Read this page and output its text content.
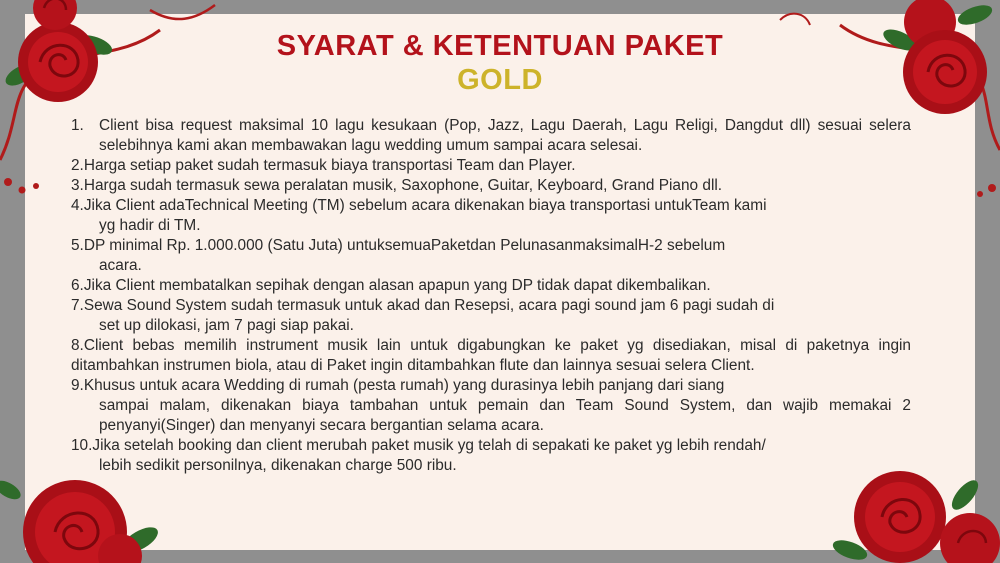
SYARAT & KETENTUAN PAKET
GOLD
1. Client bisa request maksimal 10 lagu kesukaan (Pop, Jazz, Lagu Daerah, Lagu Religi, Dangdut dll) sesuai selera selebihnya kami akan membawakan lagu wedding umum sampai acara selesai.
2.Harga setiap paket sudah termasuk biaya transportasi Team dan Player.
3.Harga sudah termasuk sewa peralatan musik, Saxophone, Guitar, Keyboard, Grand Piano dll.
4.Jika Client adaTechnical Meeting (TM) sebelum acara dikenakan biaya transportasi untukTeam kami
yg hadir di TM.
5.DP minimal Rp. 1.000.000 (Satu Juta) untuksemuaPaketdan PelunasanmaksimalH-2 sebelum
acara.
6.Jika Client membatalkan sepihak dengan alasan apapun yang DP tidak dapat dikembalikan.
7.Sewa Sound System sudah termasuk untuk akad dan Resepsi, acara pagi sound jam 6 pagi sudah di
set up dilokasi, jam 7 pagi siap pakai.
8.Client bebas memilih instrument musik lain untuk digabungkan ke paket yg disediakan, misal di paketnya ingin ditambahkan instrumen biola, atau di Paket ingin ditambahkan flute dan lainnya sesuai selera Client.
9.Khusus untuk acara Wedding di rumah (pesta rumah) yang durasinya lebih panjang dari siang
sampai malam, dikenakan biaya tambahan untuk pemain dan Team Sound System, dan wajib memakai 2 penyanyi(Singer) dan menyanyi secara bergantian selama acara.
10.Jika setelah booking dan client merubah paket musik yg telah di sepakati ke paket yg lebih rendah/
lebih sedikit personilnya, dikenakan charge 500 ribu.
